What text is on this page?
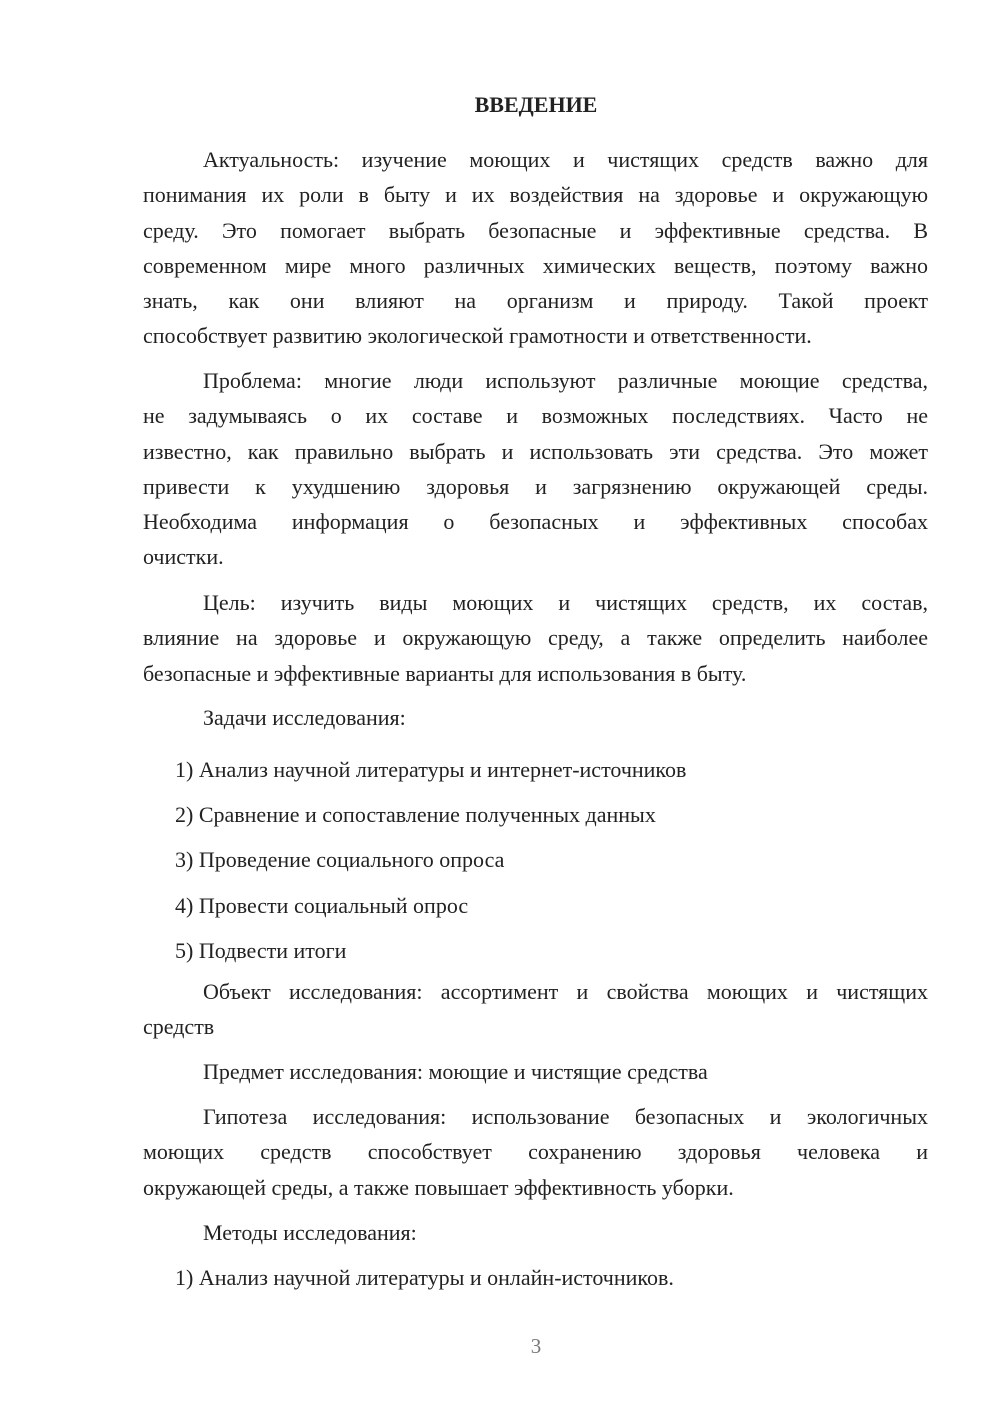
ВВЕДЕНИЕ
Актуальность: изучение моющих и чистящих средств важно для
понимания их роли в быту и их воздействия на здоровье и окружающую
среду. Это помогает выбрать безопасные и эффективные средства. В
современном мире много различных химических веществ, поэтому важно
знать, как они влияют на организм и природу. Такой проект
способствует развитию экологической грамотности и ответственности.
Проблема: многие люди используют различные моющие средства,
не задумываясь о их составе и возможных последствиях. Часто не
известно, как правильно выбрать и использовать эти средства. Это может
привести к ухудшению здоровья и загрязнению окружающей среды.
Необходима информация о безопасных и эффективных способах
очистки.
Цель: изучить виды моющих и чистящих средств, их состав,
влияние на здоровье и окружающую среду, а также определить наиболее
безопасные и эффективные варианты для использования в быту.
Задачи исследования:
1) Анализ научной литературы и интернет-источников
2) Сравнение и сопоставление полученных данных
3) Проведение социального опроса
4) Провести социальный опрос
5) Подвести итоги
Объект исследования: ассортимент и свойства моющих и чистящих
средств
Предмет исследования: моющие и чистящие средства
Гипотеза исследования: использование безопасных и экологичных
моющих средств способствует сохранению здоровья человека и
окружающей среды, а также повышает эффективность уборки.
Методы исследования:
1) Анализ научной литературы и онлайн-источников.
3
